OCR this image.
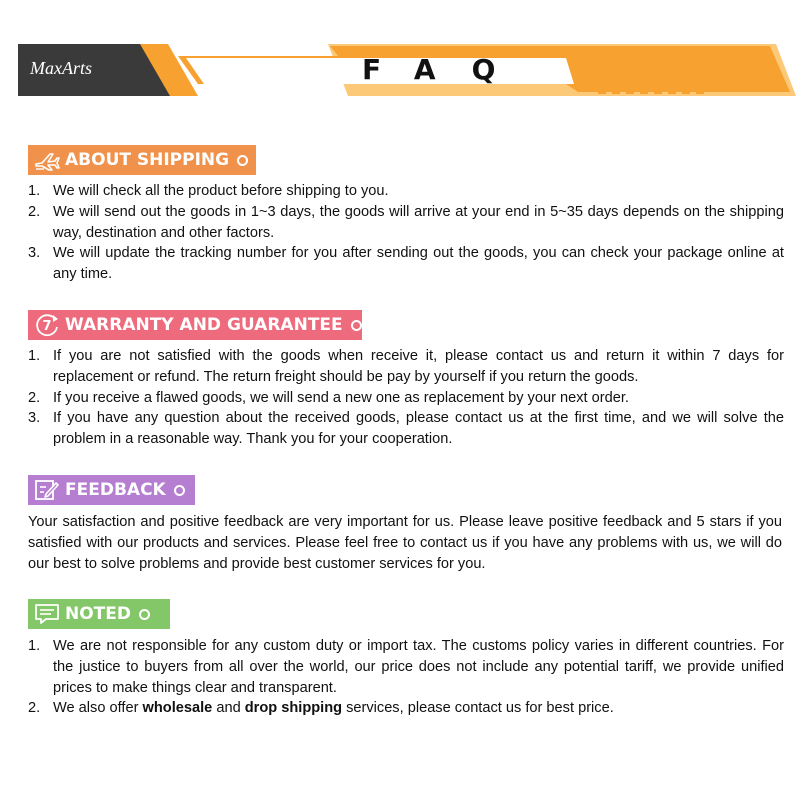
MaxArts	FAQ
ABOUT SHIPPING
1. We will check all the product before shipping to you.
2. We will send out the goods in 1~3 days, the goods will arrive at your end in 5~35 days depends on the shipping way, destination and other factors.
3. We will update the tracking number for you after sending out the goods, you can check your package online at any time.
7 WARRANTY AND GUARANTEE
1. If you are not satisfied with the goods when receive it, please contact us and return it within 7 days for replacement or refund. The return freight should be pay by yourself if you return the goods.
2. If you receive a flawed goods, we will send a new one as replacement by your next order.
3. If you have any question about the received goods, please contact us at the first time, and we will solve the problem in a reasonable way. Thank you for your cooperation.
FEEDBACK

Your satisfaction and positive feedback are very important for us. Please leave positive feedback and 5 stars if you satisfied with our products and services. Please feel free to contact us if you have any problems with us, we will do our best to solve problems and provide best customer services for you.

NOTED
1. We are not responsible for any custom duty or import tax. The customs policy varies in different countries. For the justice to buyers from all over the world, our price does not include any potential tariff, we provide unified prices to make things clear and transparent.
2. We also offer wholesale and drop shipping services, please contact us for best price.
